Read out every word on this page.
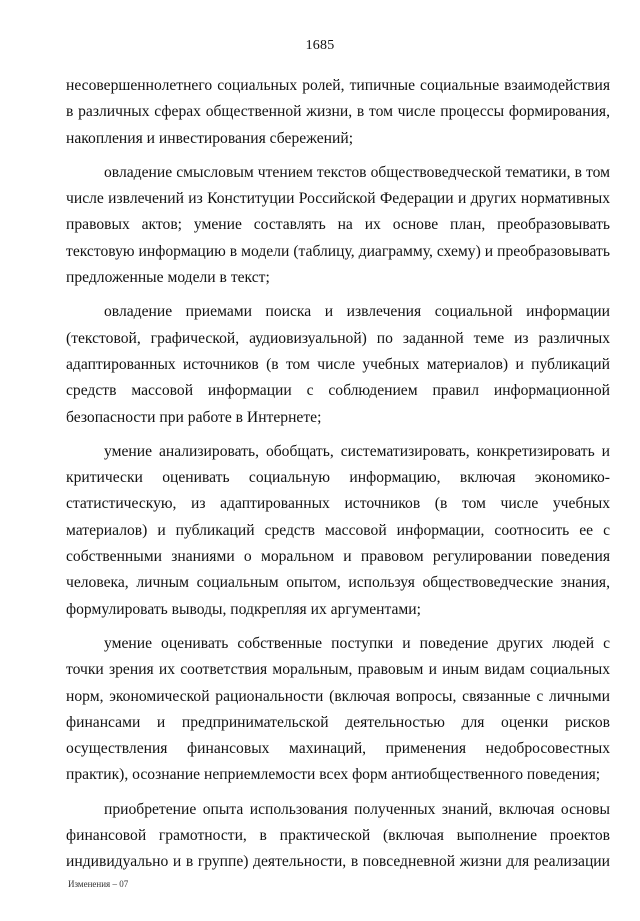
1685

несовершеннолетнего социальных ролей, типичные социальные взаимодействия в различных сферах общественной жизни, в том числе процессы формирования, накопления и инвестирования сбережений;

овладение смысловым чтением текстов обществоведческой тематики, в том числе извлечений из Конституции Российской Федерации и других нормативных правовых актов; умение составлять на их основе план, преобразовывать текстовую информацию в модели (таблицу, диаграмму, схему) и преобразовывать предложенные модели в текст;

овладение приемами поиска и извлечения социальной информации (текстовой, графической, аудиовизуальной) по заданной теме из различных адаптированных источников (в том числе учебных материалов) и публикаций средств массовой информации с соблюдением правил информационной безопасности при работе в Интернете;

умение анализировать, обобщать, систематизировать, конкретизировать и критически оценивать социальную информацию, включая экономико-статистическую, из адаптированных источников (в том числе учебных материалов) и публикаций средств массовой информации, соотносить ее с собственными знаниями о моральном и правовом регулировании поведения человека, личным социальным опытом, используя обществоведческие знания, формулировать выводы, подкрепляя их аргументами;

умение оценивать собственные поступки и поведение других людей с точки зрения их соответствия моральным, правовым и иным видам социальных норм, экономической рациональности (включая вопросы, связанные с личными финансами и предпринимательской деятельностью для оценки рисков осуществления финансовых махинаций, применения недобросовестных практик), осознание неприемлемости всех форм антиобщественного поведения;

приобретение опыта использования полученных знаний, включая основы финансовой грамотности, в практической (включая выполнение проектов индивидуально и в группе) деятельности, в повседневной жизни для реализации

Изменения – 07
